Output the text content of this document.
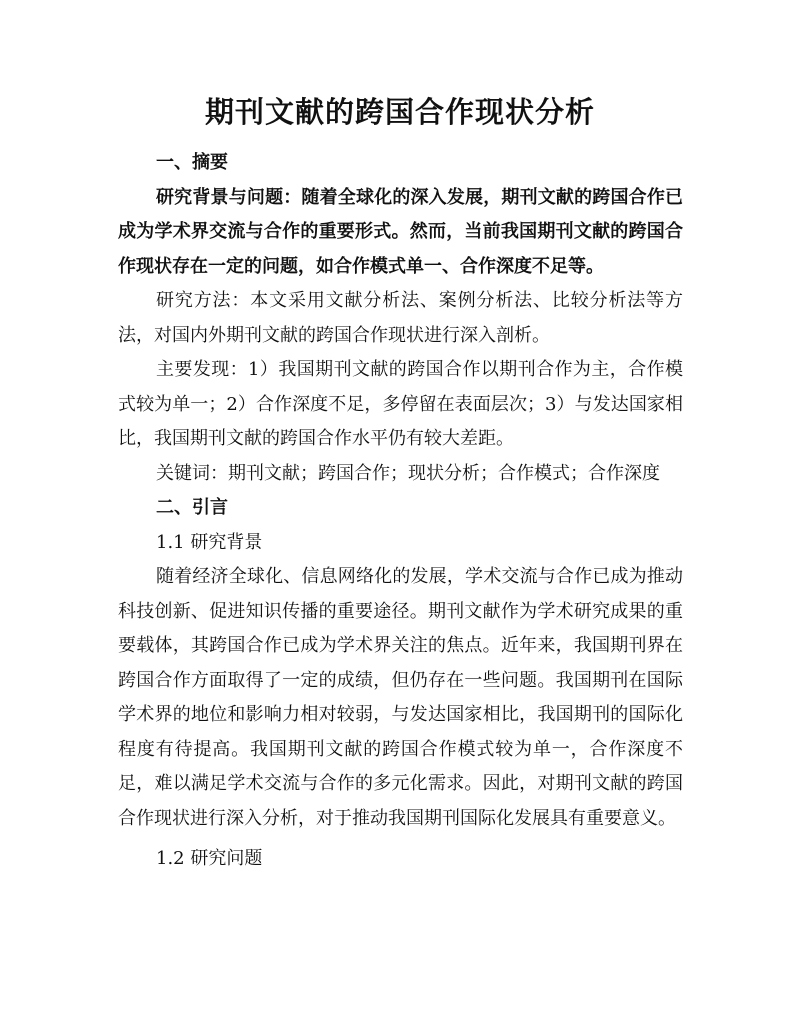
期刊文献的跨国合作现状分析

一、摘要

研究背景与问题：随着全球化的深入发展，期刊文献的跨国合作已成为学术界交流与合作的重要形式。然而，当前我国期刊文献的跨国合作现状存在一定的问题，如合作模式单一、合作深度不足等。

研究方法：本文采用文献分析法、案例分析法、比较分析法等方法，对国内外期刊文献的跨国合作现状进行深入剖析。

主要发现：1）我国期刊文献的跨国合作以期刊合作为主，合作模式较为单一；2）合作深度不足，多停留在表面层次；3）与发达国家相比，我国期刊文献的跨国合作水平仍有较大差距。

关键词：期刊文献；跨国合作；现状分析；合作模式；合作深度

二、引言

1.1 研究背景

随着经济全球化、信息网络化的发展，学术交流与合作已成为推动科技创新、促进知识传播的重要途径。期刊文献作为学术研究成果的重要载体，其跨国合作已成为学术界关注的焦点。近年来，我国期刊界在跨国合作方面取得了一定的成绩，但仍存在一些问题。我国期刊在国际学术界的地位和影响力相对较弱，与发达国家相比，我国期刊的国际化程度有待提高。我国期刊文献的跨国合作模式较为单一，合作深度不足，难以满足学术交流与合作的多元化需求。因此，对期刊文献的跨国合作现状进行深入分析，对于推动我国期刊国际化发展具有重要意义。

1.2 研究问题
